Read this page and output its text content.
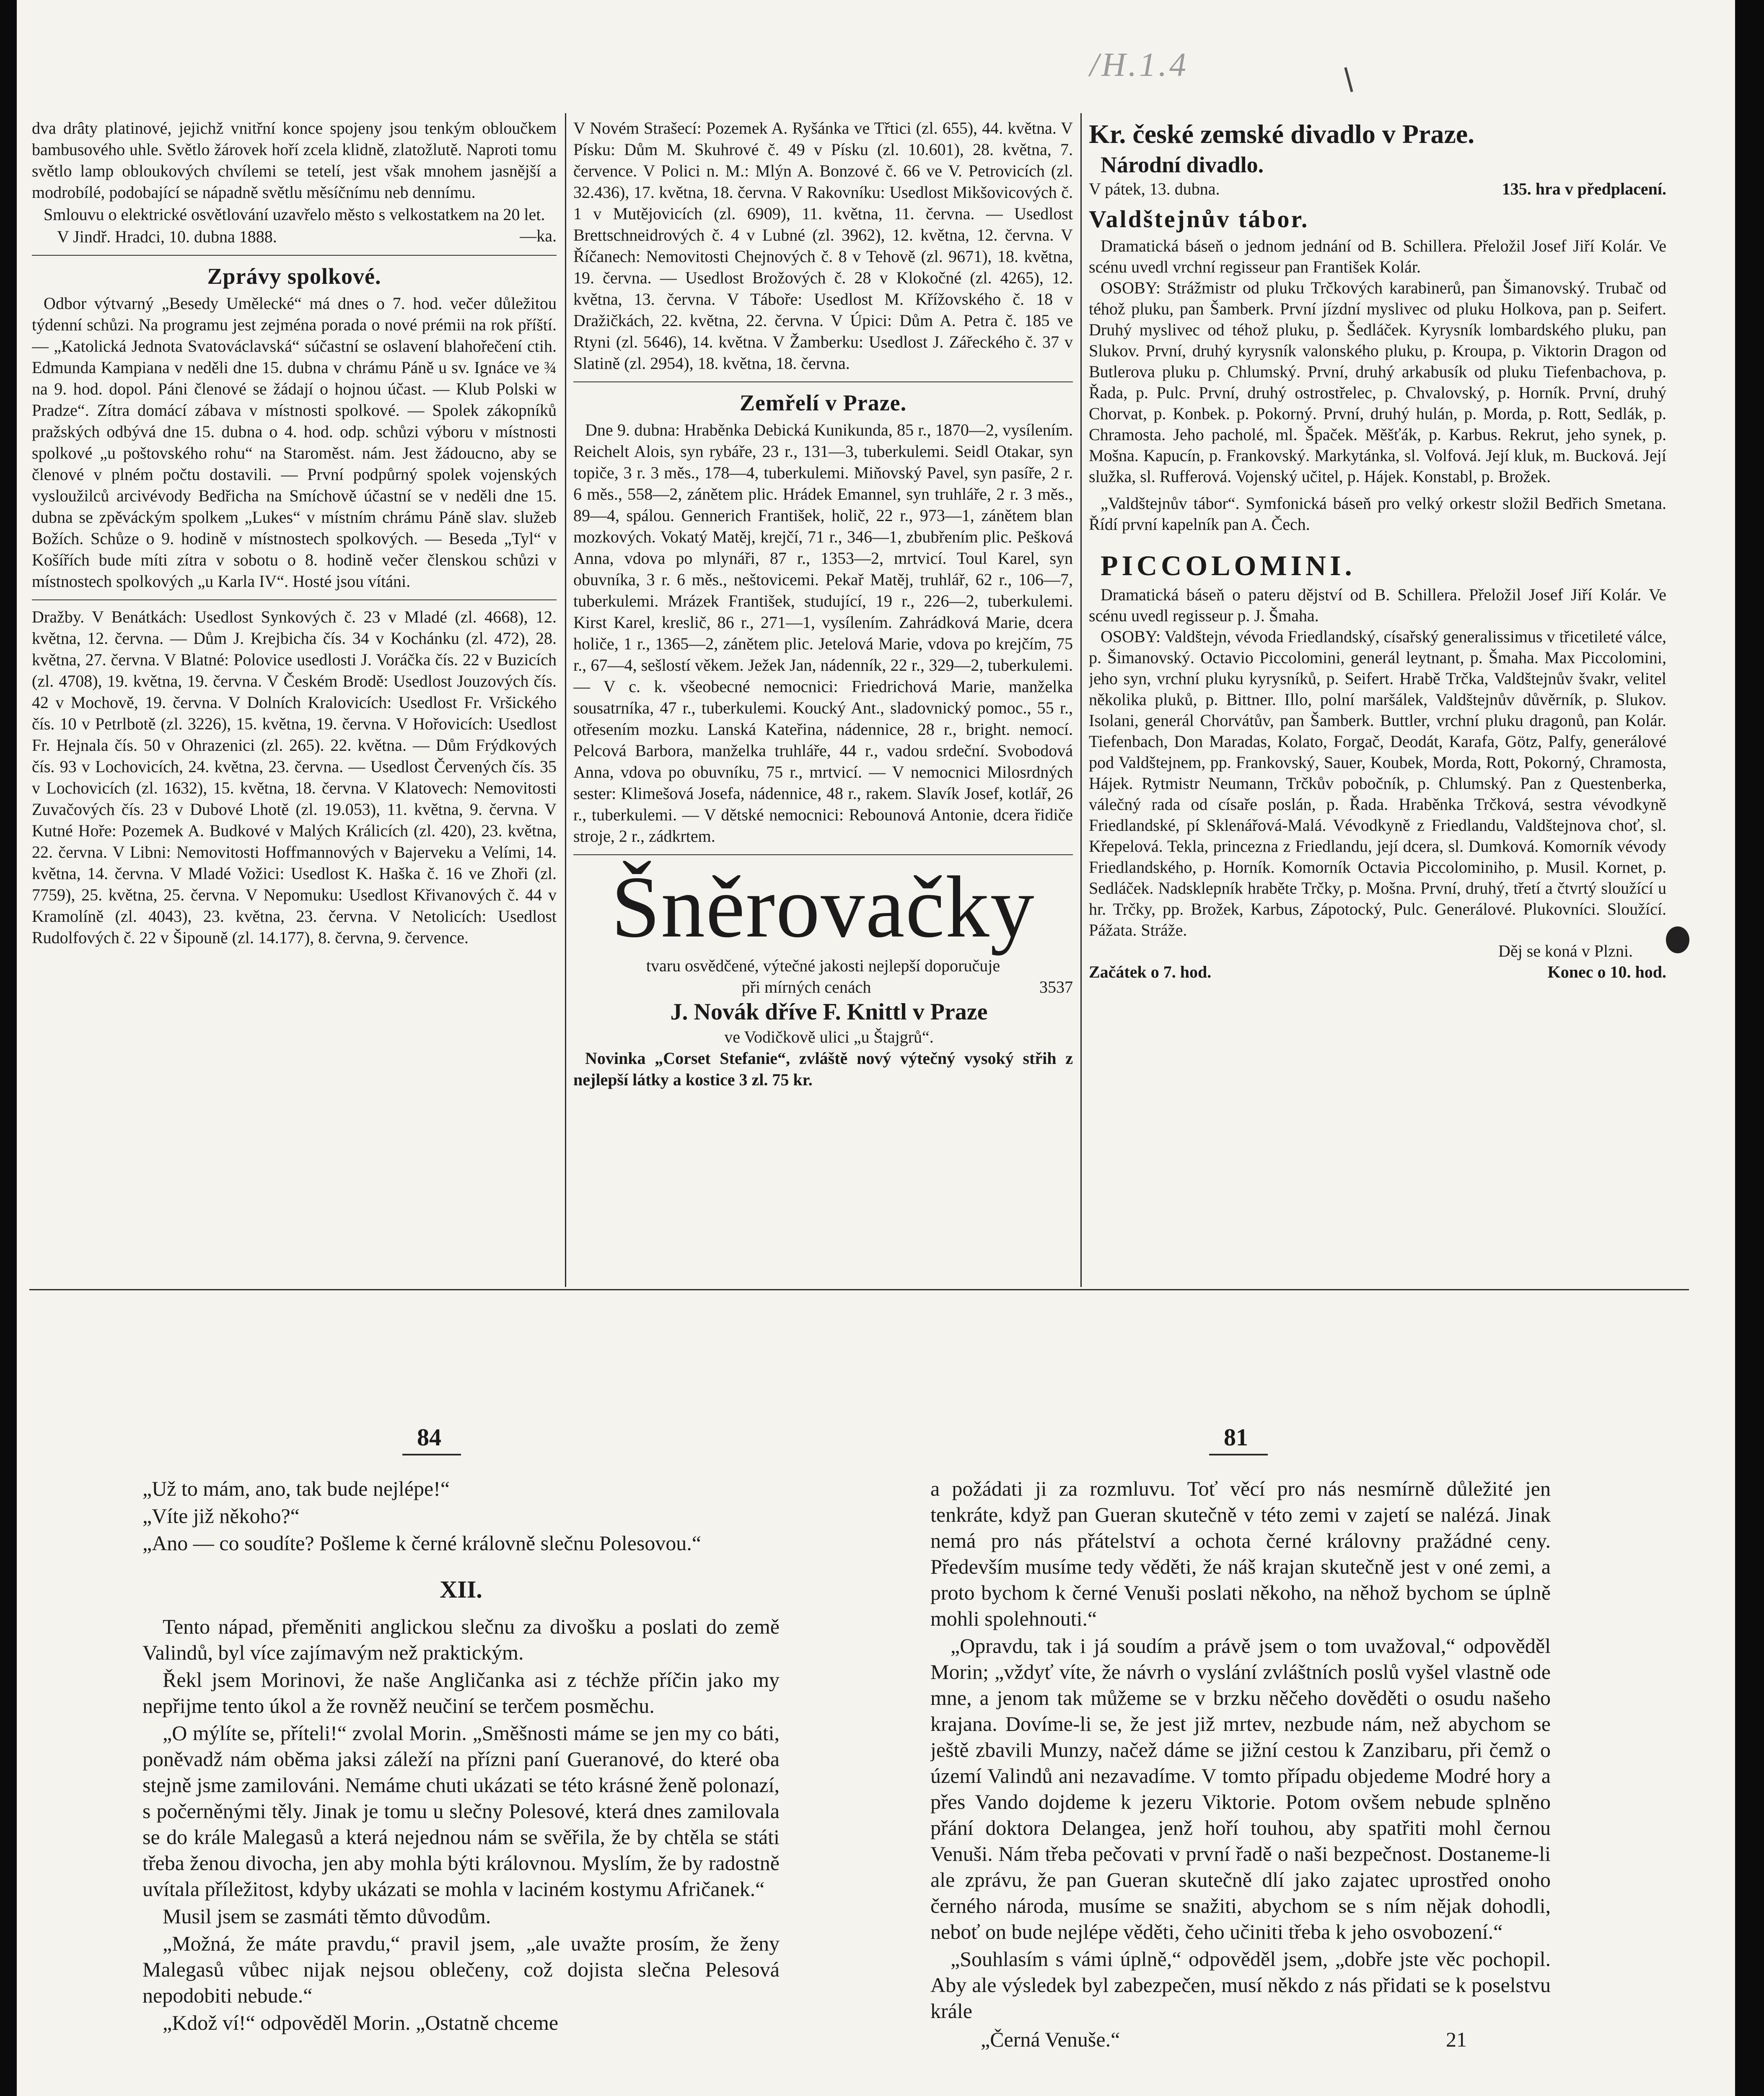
/H.1.4

dva drâty platinové, jejichž vnitřní konce spojeny jsou tenkým obloučkem bambusového uhle. Světlo žárovek hoří zcela klidně, zlatožlutě. Naproti tomu světlo lamp obloukových chvílemi se tetelí, jest však mnohem jasnější a modrobílé, podobající se nápadně světlu měsíčnímu neb dennímu.

Smlouvu o elektrické osvětlování uzavřelo město s velkostatkem na 20 let.
—ka.

V Jindř. Hradci, 10. dubna 1888.

Zprávy spolkové.

Odbor výtvarný „Besedy Umělecké“ má dnes o 7. hod. večer důležitou týdenní schůzi. Na programu jest zejména porada o nové prémii na rok příští. — „Katolická Jednota Svatováclavská“ súčastní se oslavení blahořečení ctih. Edmunda Kampiana v neděli dne 15. dubna v chrámu Páně u sv. Ignáce ve ¾ na 9. hod. dopol. Páni členové se žádají o hojnou účast. — Klub Polski w Pradze“. Zítra domácí zábava v místnosti spolkové. — Spolek zákopníků pražských odbývá dne 15. dubna o 4. hod. odp. schůzi výboru v místnosti spolkové „u poštovského rohu“ na Staroměst. nám. Jest žádoucno, aby se členové v plném počtu dostavili. — První podpůrný spolek vojenských vysloužilců arcivévody Bedřicha na Smíchově účastní se v neděli dne 15. dubna se zpěváckým spolkem „Lukes“ v místním chrámu Páně slav. služeb Božích. Schůze o 9. hodině v místnostech spolkových. — Beseda „Tyl“ v Košířích bude míti zítra v sobotu o 8. hodině večer členskou schůzi v místnostech spolkových „u Karla IV“. Hosté jsou vítáni.

Dražby. V Benátkách: Usedlost Synkových č. 23 v Mladé (zl. 4668), 12. května, 12. června. — Dům J. Krejbicha čís. 34 v Kochánku (zl. 472), 28. května, 27. června. V Blatné: Polovice usedlosti J. Voráčka čís. 22 v Buzicích (zl. 4708), 19. května, 19. června. V Českém Brodě: Usedlost Jouzových čís. 42 v Mochově, 19. června. V Dolních Kralovicích: Usedlost Fr. Vršického čís. 10 v Petrlbotě (zl. 3226), 15. května, 19. června. V Hořovicích: Usedlost Fr. Hejnala čís. 50 v Ohrazenici (zl. 265). 22. května. — Dům Frýdkových čís. 93 v Lochovicích, 24. května, 23. června. — Usedlost Červených čís. 35 v Lochovicích (zl. 1632), 15. května, 18. června. V Klatovech: Nemovitosti Zuvačových čís. 23 v Dubové Lhotě (zl. 19.053), 11. května, 9. června. V Kutné Hoře: Pozemek A. Budkové v Malých Králicích (zl. 420), 23. května, 22. června. V Libni: Nemovitosti Hoffmannových v Bajerveku a Velími, 14. května, 14. června. V Mladé Vožici: Usedlost K. Haška č. 16 ve Zhoři (zl. 7759), 25. května, 25. června. V Nepomuku: Usedlost Křivanových č. 44 v Kramolíně (zl. 4043), 23. května, 23. června. V Netolicích: Usedlost Rudolfových č. 22 v Šipouně (zl. 14.177), 8. června, 9. července.

V Novém Strašecí: Pozemek A. Ryšánka ve Třtici (zl. 655), 44. května. V Písku: Dům M. Skuhrové č. 49 v Písku (zl. 10.601), 28. května, 7. července. V Polici n. M.: Mlýn A. Bonzové č. 66 ve V. Petrovicích (zl. 32.436), 17. května, 18. června. V Rakovníku: Usedlost Mikšovicových č. 1 v Mutějovicích (zl. 6909), 11. května, 11. června. — Usedlost Brettschneidrových č. 4 v Lubné (zl. 3962), 12. května, 12. června. V Říčanech: Nemovitosti Chejnových č. 8 v Tehově (zl. 9671), 18. května, 19. června. — Usedlost Brožových č. 28 v Klokočné (zl. 4265), 12. května, 13. června. V Táboře: Usedlost M. Křížovského č. 18 v Dražičkách, 22. května, 22. června. V Úpici: Dům A. Petra č. 185 ve Rtyni (zl. 5646), 14. května. V Žamberku: Usedlost J. Zářeckého č. 37 v Slatině (zl. 2954), 18. května, 18. června.

Zemřelí v Praze.

Dne 9. dubna: Hraběnka Debická Kunikunda, 85 r., 1870—2, vysílením. Reichelt Alois, syn rybáře, 23 r., 131—3, tuberkulemi. Seidl Otakar, syn topiče, 3 r. 3 měs., 178—4, tuberkulemi. Miňovský Pavel, syn pasíře, 2 r. 6 měs., 558—2, zánětem plic. Hrádek Emannel, syn truhláře, 2 r. 3 měs., 89—4, spálou. Gennerich František, holič, 22 r., 973—1, zánětem blan mozkových. Vokatý Matěj, krejčí, 71 r., 346—1, zbubřením plic. Pešková Anna, vdova po mlynáři, 87 r., 1353—2, mrtvicí. Toul Karel, syn obuvníka, 3 r. 6 měs., neštovicemi. Pekař Matěj, truhlář, 62 r., 106—7, tuberkulemi. Mrázek František, studující, 19 r., 226—2, tuberkulemi. Kirst Karel, kreslič, 86 r., 271—1, vysílením. Zahrádková Marie, dcera holiče, 1 r., 1365—2, zánětem plic. Jetelová Marie, vdova po krejčím, 75 r., 67—4, sešlostí věkem. Ježek Jan, nádenník, 22 r., 329—2, tuberkulemi. — V c. k. všeobecné nemocnici: Friedrichová Marie, manželka sousatrníka, 47 r., tuberkulemi. Koucký Ant., sladovnický pomoc., 55 r., otřesením mozku. Lanská Kateřina, nádennice, 28 r., bright. nemocí. Pelcová Barbora, manželka truhláře, 44 r., vadou srdeční. Svobodová Anna, vdova po obuvníku, 75 r., mrtvicí. — V nemocnici Milosrdných sester: Klimešová Josefa, nádennice, 48 r., rakem. Slavík Josef, kotlář, 26 r., tuberkulemi. — V dětské nemocnici: Rebounová Antonie, dcera řidiče stroje, 2 r., zádkrtem.

Šněrovačky

tvaru osvědčené, výtečné jakosti nejlepší doporučuje

při mírných cenách	3537

J. Novák dříve F. Knittl v Praze

ve Vodičkově ulici „u Štajgrů“.

Novinka „Corset Stefanie“, zvláště nový výtečný vysoký střih z nejlepší látky a kostice 3 zl. 75 kr.

Kr. české zemské divadlo v Praze.

Národní divadlo.

V pátek, 13. dubna.	135. hra v předplacení.

Valdštejnův tábor.

Dramatická báseň o jednom jednání od B. Schillera. Přeložil Josef Jiří Kolár. Ve scénu uvedl vrchní regisseur pan František Kolár.

OSOBY: Strážmistr od pluku Trčkových karabinerů, pan Šimanovský. Trubač od téhož pluku, pan Šamberk. První jízdní myslivec od pluku Holkova, pan p. Seifert. Druhý myslivec od téhož pluku, p. Šedláček. Kyrysník lombardského pluku, pan Slukov. První, druhý kyrysník valonského pluku, p. Kroupa, p. Viktorin Dragon od Butlerova pluku p. Chlumský. První, druhý arkabusík od pluku Tiefenbachova, p. Řada, p. Pulc. První, druhý ostrostřelec, p. Chvalovský, p. Horník. První, druhý Chorvat, p. Konbek. p. Pokorný. První, druhý hulán, p. Morda, p. Rott, Sedlák, p. Chramosta. Jeho pacholé, ml. Špaček. Měšťák, p. Karbus. Rekrut, jeho synek, p. Mošna. Kapucín, p. Frankovský. Markytánka, sl. Volfová. Její kluk, m. Bucková. Její služka, sl. Rufferová. Vojenský učitel, p. Hájek. Konstabl, p. Brožek.

„Valdštejnův tábor“. Symfonická báseň pro velký orkestr složil Bedřich Smetana. Řídí první kapelník pan A. Čech.

PICCOLOMINI.

Dramatická báseň o pateru dějství od B. Schillera. Přeložil Josef Jiří Kolár. Ve scénu uvedl regisseur p. J. Šmaha.

OSOBY: Valdštejn, vévoda Friedlandský, císařský generalissimus v třicetileté válce, p. Šimanovský. Octavio Piccolomini, generál leytnant, p. Šmaha. Max Piccolomini, jeho syn, vrchní pluku kyrysníků, p. Seifert. Hrabě Trčka, Valdštejnův švakr, velitel několika pluků, p. Bittner. Illo, polní maršálek, Valdštejnův důvěrník, p. Slukov. Isolani, generál Chorvátův, pan Šamberk. Buttler, vrchní pluku dragonů, pan Kolár. Tiefenbach, Don Maradas, Kolato, Forgač, Deodát, Karafa, Götz, Palfy, generálové pod Valdštejnem, pp. Frankovský, Sauer, Koubek, Morda, Rott, Pokorný, Chramosta, Hájek. Rytmistr Neumann, Trčkův pobočník, p. Chlumský. Pan z Questenberka, válečný rada od císaře poslán, p. Řada. Hraběnka Trčková, sestra vévodkyně Friedlandské, pí Sklenářová-Malá. Vévodkyně z Friedlandu, Valdštejnova choť, sl. Křepelová. Tekla, princezna z Friedlandu, její dcera, sl. Dumková. Komorník vévody Friedlandského, p. Horník. Komorník Octavia Piccolominiho, p. Musil. Kornet, p. Sedláček. Nadsklepník hraběte Trčky, p. Mošna. První, druhý, třetí a čtvrtý sloužící u hr. Trčky, pp. Brožek, Karbus, Zápotocký, Pulc. Generálové. Plukovníci. Sloužící. Pážata. Stráže.

Děj se koná v Plzni.

Začátek o 7. hod.	Konec o 10. hod.
84	81

„Už to mám, ano, tak bude nejlépe!“

„Víte již někoho?“

„Ano — co soudíte? Pošleme k černé královně slečnu Polesovou.“

XII.

Tento nápad, přeměniti anglickou slečnu za divošku a poslati do země Valindů, byl více zajímavým než praktickým.

Řekl jsem Morinovi, že naše Angličanka asi z téchže příčin jako my nepřijme tento úkol a že rovněž neučiní se terčem posměchu.

„O mýlíte se, příteli!“ zvolal Morin. „Směšnosti máme se jen my co báti, poněvadž nám oběma jaksi záleží na přízni paní Gueranové, do které oba stejně jsme zamilováni. Nemáme chuti ukázati se této krásné ženě polonazí, s počerněnými těly. Jinak je tomu u slečny Polesové, která dnes zamilovala se do krále Malegasů a která nejednou nám se svěřila, že by chtěla se státi třeba ženou divocha, jen aby mohla býti královnou. Myslím, že by radostně uvítala příležitost, kdyby ukázati se mohla v laciném kostymu Afričanek.“

Musil jsem se zasmáti těmto důvodům.

„Možná, že máte pravdu,“ pravil jsem, „ale uvažte prosím, že ženy Malegasů vůbec nijak nejsou oblečeny, což dojista slečna Pelesová nepodobiti nebude.“

„Kdož ví!“ odpověděl Morin. „Ostatně chceme

a požádati ji za rozmluvu. Toť věcí pro nás nesmírně důležité jen tenkráte, když pan Gueran skutečně v této zemi v zajetí se nalézá. Jinak nemá pro nás přátelství a ochota černé královny pražádné ceny. Především musíme tedy věděti, že náš krajan skutečně jest v oné zemi, a proto bychom k černé Venuši poslati někoho, na něhož bychom se úplně mohli spolehnouti.“

„Opravdu, tak i já soudím a právě jsem o tom uvažoval,“ odpověděl Morin; „vždyť víte, že návrh o vyslání zvláštních poslů vyšel vlastně ode mne, a jenom tak můžeme se v brzku něčeho dověděti o osudu našeho krajana. Dovíme-li se, že jest již mrtev, nezbude nám, než abychom se ještě zbavili Munzy, načež dáme se jižní cestou k Zanzibaru, při čemž o území Valindů ani nezavadíme. V tomto případu objedeme Modré hory a přes Vando dojdeme k jezeru Viktorie. Potom ovšem nebude splněno přání doktora Delangea, jenž hoří touhou, aby spatřiti mohl černou Venuši. Nám třeba pečovati v první řadě o naši bezpečnost. Dostaneme-li ale zprávu, že pan Gueran skutečně dlí jako zajatec uprostřed onoho černého národa, musíme se snažiti, abychom se s ním nějak dohodli, neboť on bude nejlépe věděti, čeho učiniti třeba k jeho osvobození.“

„Souhlasím s vámi úplně,“ odpověděl jsem, „dobře jste věc pochopil. Aby ale výsledek byl zabezpečen, musí někdo z nás přidati se k poselstvu krále

„Černá Venuše.“	21
